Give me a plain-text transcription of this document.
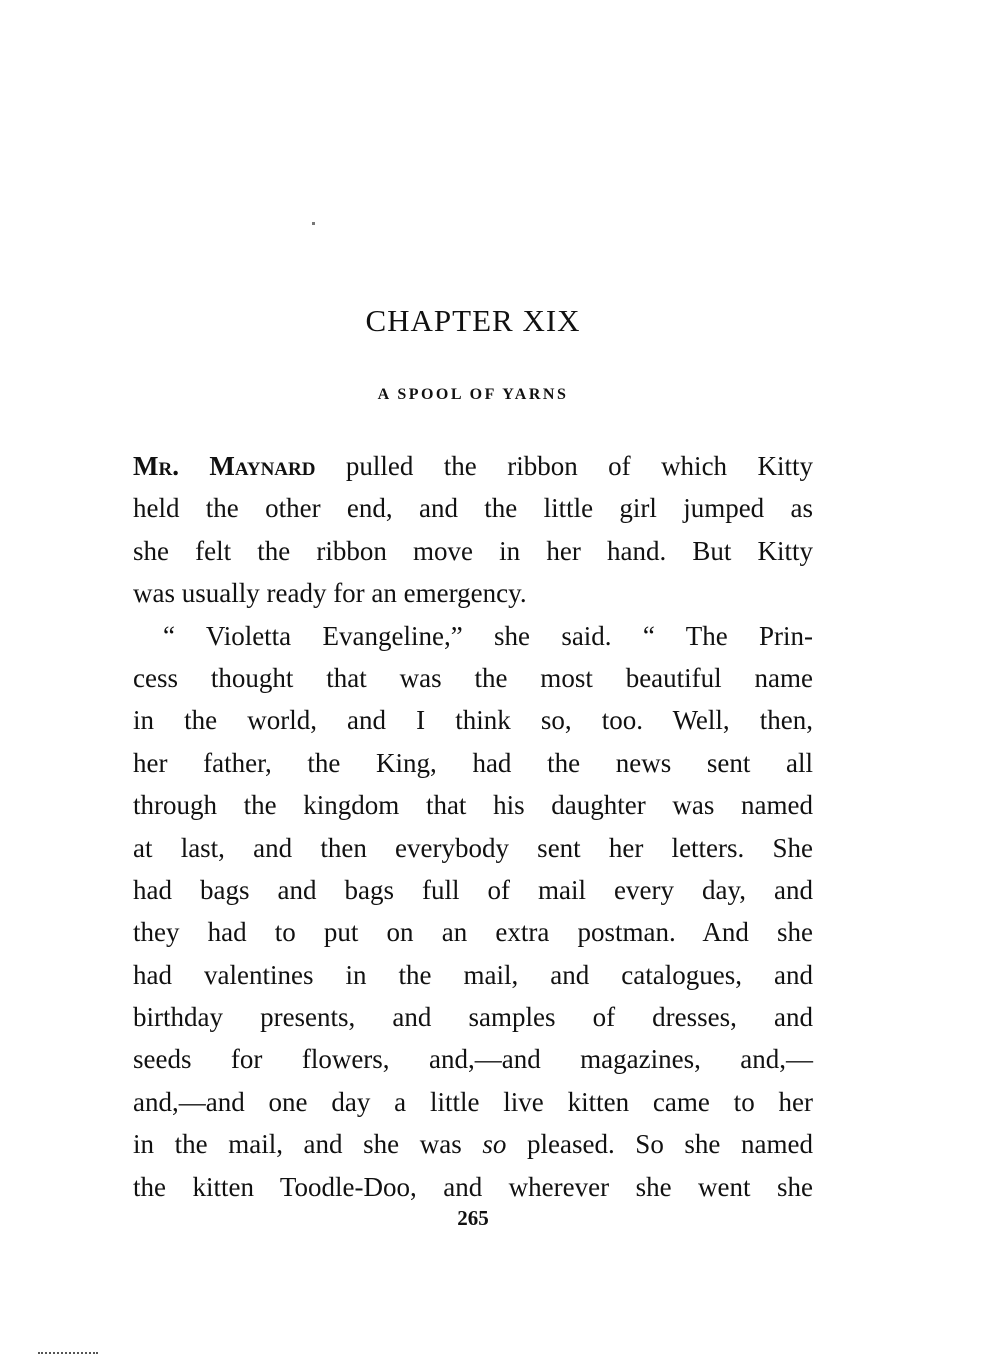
CHAPTER XIX
A SPOOL OF YARNS
Mr. Maynard pulled the ribbon of which Kitty
held the other end, and the little girl jumped as
she felt the ribbon move in her hand. But Kitty
was usually ready for an emergency.
“ Violetta Evangeline,” she said. “ The Prin-
cess thought that was the most beautiful name
in the world, and I think so, too. Well, then,
her father, the King, had the news sent all
through the kingdom that his daughter was named
at last, and then everybody sent her letters. She
had bags and bags full of mail every day, and
they had to put on an extra postman. And she
had valentines in the mail, and catalogues, and
birthday presents, and samples of dresses, and
seeds for flowers, and,—and magazines, and,—
and,—and one day a little live kitten came to her
in the mail, and she was so pleased. So she named
the kitten Toodle-Doo, and wherever she went she
265
